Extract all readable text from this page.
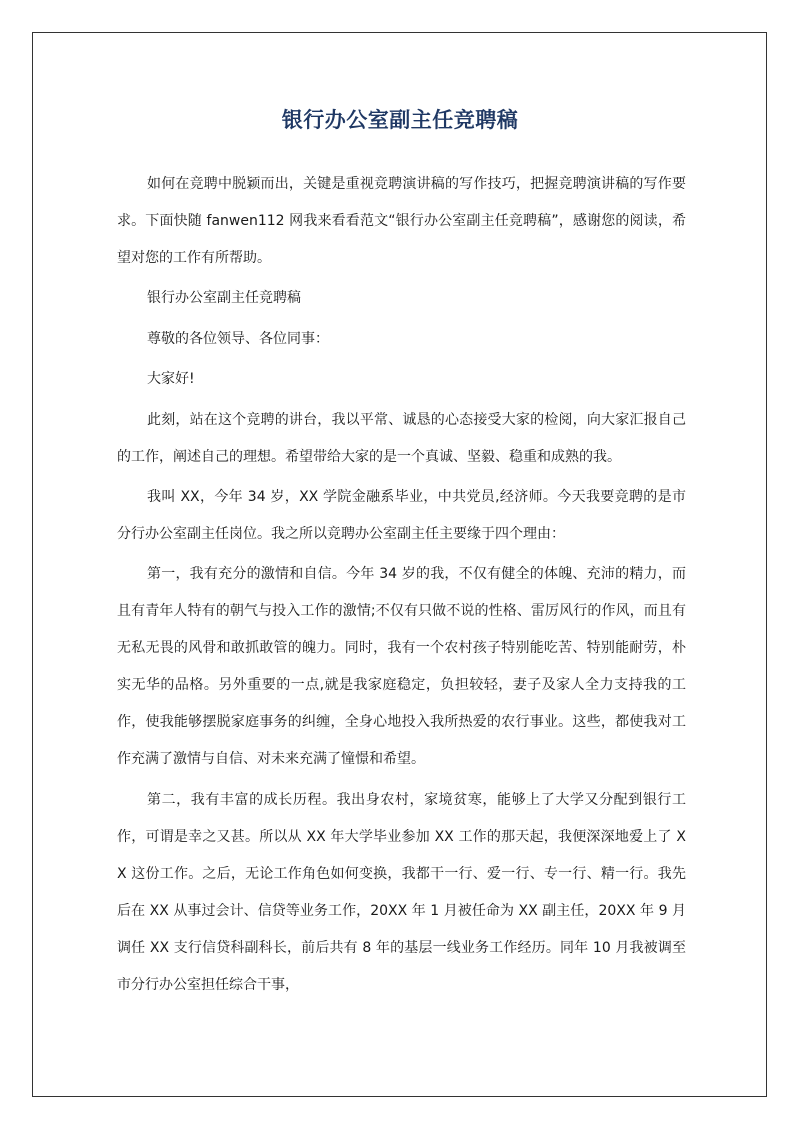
银行办公室副主任竞聘稿

如何在竞聘中脱颖而出，关键是重视竞聘演讲稿的写作技巧，把握竞聘演讲稿的写作要求。下面快随 fanwen112 网我来看看范文“银行办公室副主任竞聘稿”，感谢您的阅读，希望对您的工作有所帮助。

银行办公室副主任竞聘稿

尊敬的各位领导、各位同事：

大家好!

此刻，站在这个竞聘的讲台，我以平常、诚恳的心态接受大家的检阅，向大家汇报自己的工作，阐述自己的理想。希望带给大家的是一个真诚、坚毅、稳重和成熟的我。

我叫 XX，今年 34 岁，XX 学院金融系毕业，中共党员,经济师。今天我要竞聘的是市分行办公室副主任岗位。我之所以竞聘办公室副主任主要缘于四个理由：

第一，我有充分的激情和自信。今年 34 岁的我，不仅有健全的体魄、充沛的精力，而且有青年人特有的朝气与投入工作的激情;不仅有只做不说的性格、雷厉风行的作风，而且有无私无畏的风骨和敢抓敢管的魄力。同时，我有一个农村孩子特别能吃苦、特别能耐劳，朴实无华的品格。另外重要的一点,就是我家庭稳定，负担较轻，妻子及家人全力支持我的工作，使我能够摆脱家庭事务的纠缠，全身心地投入我所热爱的农行事业。这些，都使我对工作充满了激情与自信、对未来充满了憧憬和希望。

第二，我有丰富的成长历程。我出身农村，家境贫寒，能够上了大学又分配到银行工作，可谓是幸之又甚。所以从 XX 年大学毕业参加 XX 工作的那天起，我便深深地爱上了 XX 这份工作。之后，无论工作角色如何变换，我都干一行、爱一行、专一行、精一行。我先后在 XX 从事过会计、信贷等业务工作，20XX 年 1 月被任命为 XX 副主任，20XX 年 9 月调任 XX 支行信贷科副科长，前后共有 8 年的基层一线业务工作经历。同年 10 月我被调至市分行办公室担任综合干事，
